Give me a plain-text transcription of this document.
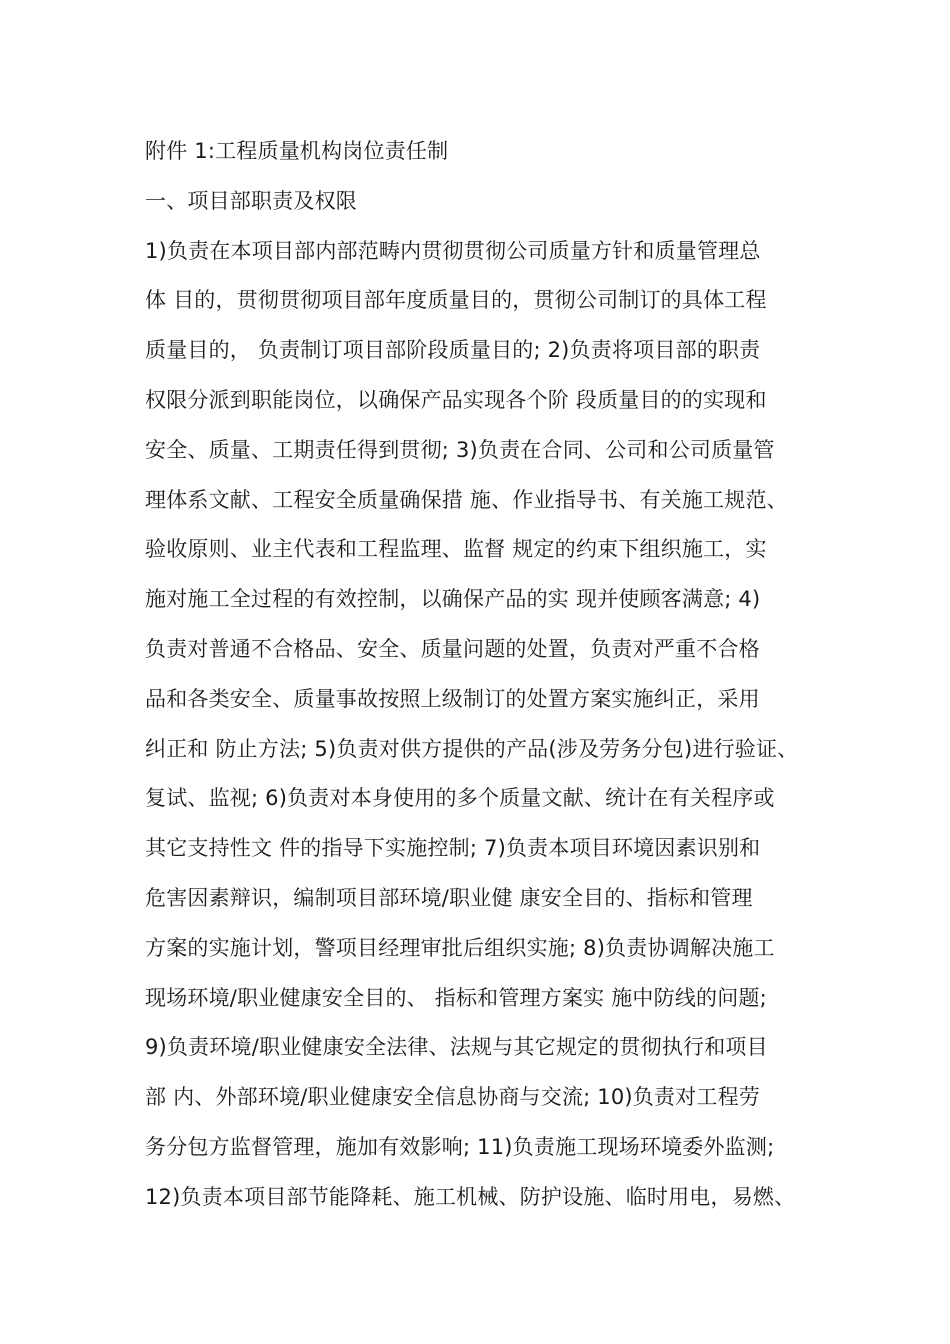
附件 1:工程质量机构岗位责任制
一、项目部职责及权限
1)负责在本项目部内部范畴内贯彻贯彻公司质量方针和质量管理总
体 目的，贯彻贯彻项目部年度质量目的，贯彻公司制订的具体工程
质量目的， 负责制订项目部阶段质量目的; 2)负责将项目部的职责
权限分派到职能岗位，以确保产品实现各个阶 段质量目的的实现和
安全、质量、工期责任得到贯彻; 3)负责在合同、公司和公司质量管
理体系文献、工程安全质量确保措 施、作业指导书、有关施工规范、
验收原则、业主代表和工程监理、监督 规定的约束下组织施工，实
施对施工全过程的有效控制，以确保产品的实 现并使顾客满意; 4)
负责对普通不合格品、安全、质量问题的处置，负责对严重不合格
品和各类安全、质量事故按照上级制订的处置方案实施纠正，采用
纠正和 防止方法; 5)负责对供方提供的产品(涉及劳务分包)进行验证、
复试、监视; 6)负责对本身使用的多个质量文献、统计在有关程序或
其它支持性文 件的指导下实施控制; 7)负责本项目环境因素识别和
危害因素辩识，编制项目部环境/职业健 康安全目的、指标和管理
方案的实施计划，警项目经理审批后组织实施; 8)负责协调解决施工
现场环境/职业健康安全目的、 指标和管理方案实 施中防线的问题;
9)负责环境/职业健康安全法律、法规与其它规定的贯彻执行和项目
部 内、外部环境/职业健康安全信息协商与交流; 10)负责对工程劳
务分包方监督管理，施加有效影响; 11)负责施工现场环境委外监测;
12)负责本项目部节能降耗、施工机械、防护设施、临时用电，易燃、
